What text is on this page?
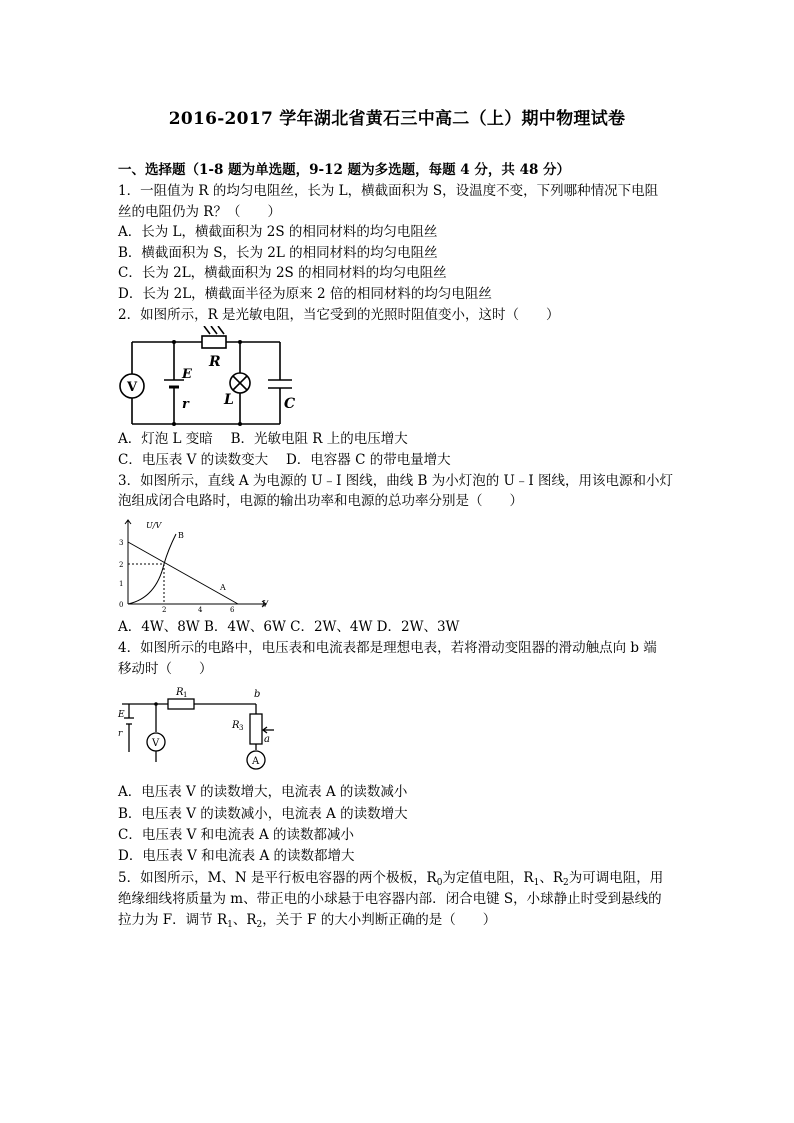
2016-2017 学年湖北省黄石三中高二（上）期中物理试卷
一、选择题（1-8 题为单选题，9-12 题为多选题，每题 4 分，共 48 分）
1．一阻值为 R 的均匀电阻丝，长为 L，横截面积为 S，设温度不变，下列哪种情况下电阻
丝的电阻仍为 R？（　　）
A．长为 L，横截面积为 2S 的相同材料的均匀电阻丝
B．横截面积为 S，长为 2L 的相同材料的均匀电阻丝
C．长为 2L，横截面积为 2S 的相同材料的均匀电阻丝
D．长为 2L，横截面半径为原来 2 倍的相同材料的均匀电阻丝
2．如图所示，R 是光敏电阻，当它受到的光照时阻值变小，这时（　　）
V
R
E
r	L	C
A．灯泡 L 变暗　 B．光敏电阻 R 上的电压增大
C．电压表 V 的读数变大　 D．电容器 C 的带电量增大
3．如图所示，直线 A 为电源的 U﹣I 图线，曲线 B 为小灯泡的 U﹣I 图线，用该电源和小灯
泡组成闭合电路时，电源的输出功率和电源的总功率分别是（　　）
U/V
I/
B
A
3
2
1
0
2	4	6
A．4W、8W B．4W、6W C．2W、4W D．2W、3W
4．如图所示的电路中，电压表和电流表都是理想电表，若将滑动变阻器的滑动触点向 b 端
移动时（　　）
V
A
R 1
R 3
b
a
E
r
A．电压表 V 的读数增大，电流表 A 的读数减小
B．电压表 V 的读数减小，电流表 A 的读数增大
C．电压表 V 和电流表 A 的读数都减小
D．电压表 V 和电流表 A 的读数都增大
5．如图所示，M、N 是平行板电容器的两个极板，$R_0$为定值电阻，$R_1$、$R_2$为可调电阻，用
绝缘细线将质量为 m、带正电的小球悬于电容器内部．闭合电键 S，小球静止时受到悬线的
拉力为 F．调节 $R_1$、$R_2$，关于 F 的大小判断正确的是（　　）
